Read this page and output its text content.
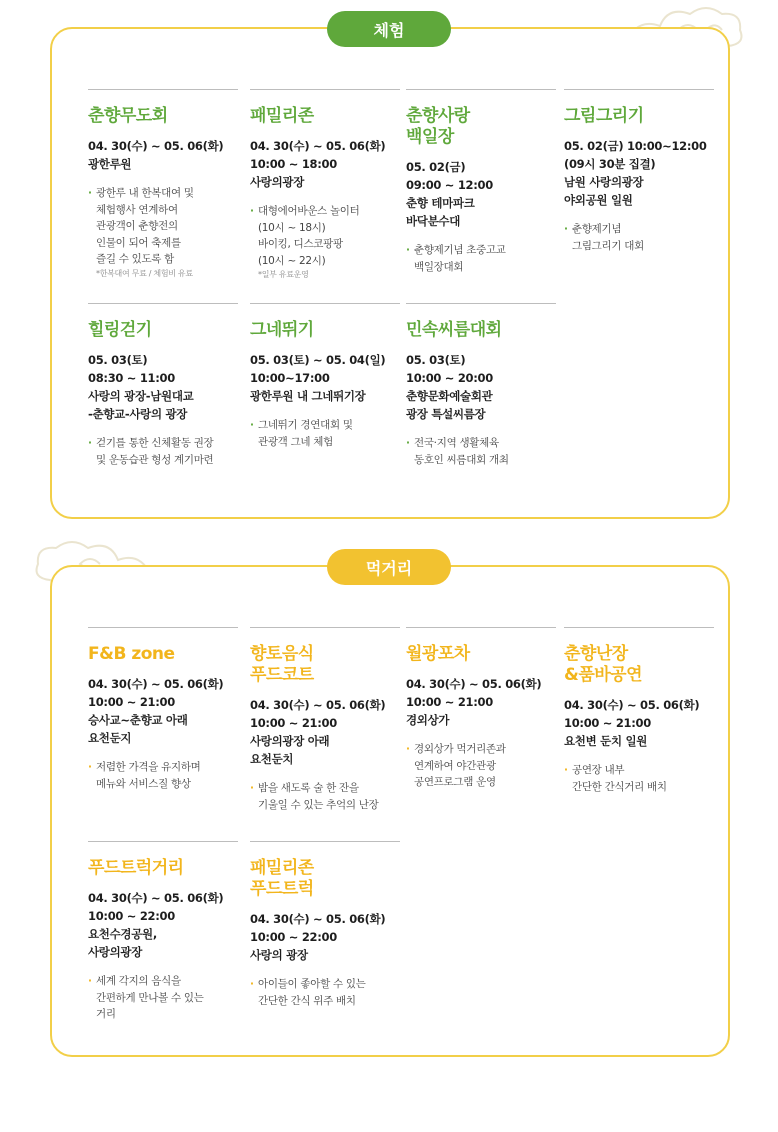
체험
춘향무도회
04. 30(수) ~ 05. 06(화)
광한루원
· 광한루 내 한복대여 및
체험행사 연계하여
관광객이 춘향전의
인물이 되어 축제를
즐길 수 있도록 함
*한복대여 무료 / 체험비 유료
패밀리존
04. 30(수) ~ 05. 06(화)
10:00 ~ 18:00
사랑의광장
· 대형에어바운스 놀이터
(10시 ~ 18시)
바이킹, 디스코팡팡
(10시 ~ 22시)
*일부 유료운영
춘향사랑
백일장
05. 02(금)
09:00 ~ 12:00
춘향 테마파크
바닥분수대
· 춘향제기념 초중고교
백일장대회
그림그리기
05. 02(금) 10:00~12:00
(09시 30분 집결)
남원 사랑의광장
야외공원 일원
· 춘향제기념
그림그리기 대회
힐링걷기
05. 03(토)
08:30 ~ 11:00
사랑의 광장-남원대교
-춘향교-사랑의 광장
· 걷기를 통한 신체활동 권장
및 운동습관 형성 계기마련
그네뛰기
05. 03(토) ~ 05. 04(일)
10:00~17:00
광한루원 내 그네뛰기장
· 그네뛰기 경연대회 및
관광객 그네 체험
민속씨름대회
05. 03(토)
10:00 ~ 20:00
춘향문화예술회관
광장 특설씨름장
· 전국·지역 생활체육
동호인 씨름대회 개최
먹거리
F&B zone
04. 30(수) ~ 05. 06(화)
10:00 ~ 21:00
승사교~춘향교 아래
요천둔지
· 저렴한 가격을 유지하며
메뉴와 서비스질 향상
향토음식
푸드코트
04. 30(수) ~ 05. 06(화)
10:00 ~ 21:00
사랑의광장 아래
요천둔치
· 밤을 새도록 술 한 잔을
기울일 수 있는 추억의 난장
월광포차
04. 30(수) ~ 05. 06(화)
10:00 ~ 21:00
경외상가
· 경외상가 먹거리존과
연계하여 야간관광
공연프로그램 운영
춘향난장
&품바공연
04. 30(수) ~ 05. 06(화)
10:00 ~ 21:00
요천변 둔치 일원
· 공연장 내부
간단한 간식거리 배치
푸드트럭거리
04. 30(수) ~ 05. 06(화)
10:00 ~ 22:00
요천수경공원,
사랑의광장
· 세계 각지의 음식을
간편하게 만나볼 수 있는
거리
패밀리존
푸드트럭
04. 30(수) ~ 05. 06(화)
10:00 ~ 22:00
사랑의 광장
· 아이들이 좋아할 수 있는
간단한 간식 위주 배치
